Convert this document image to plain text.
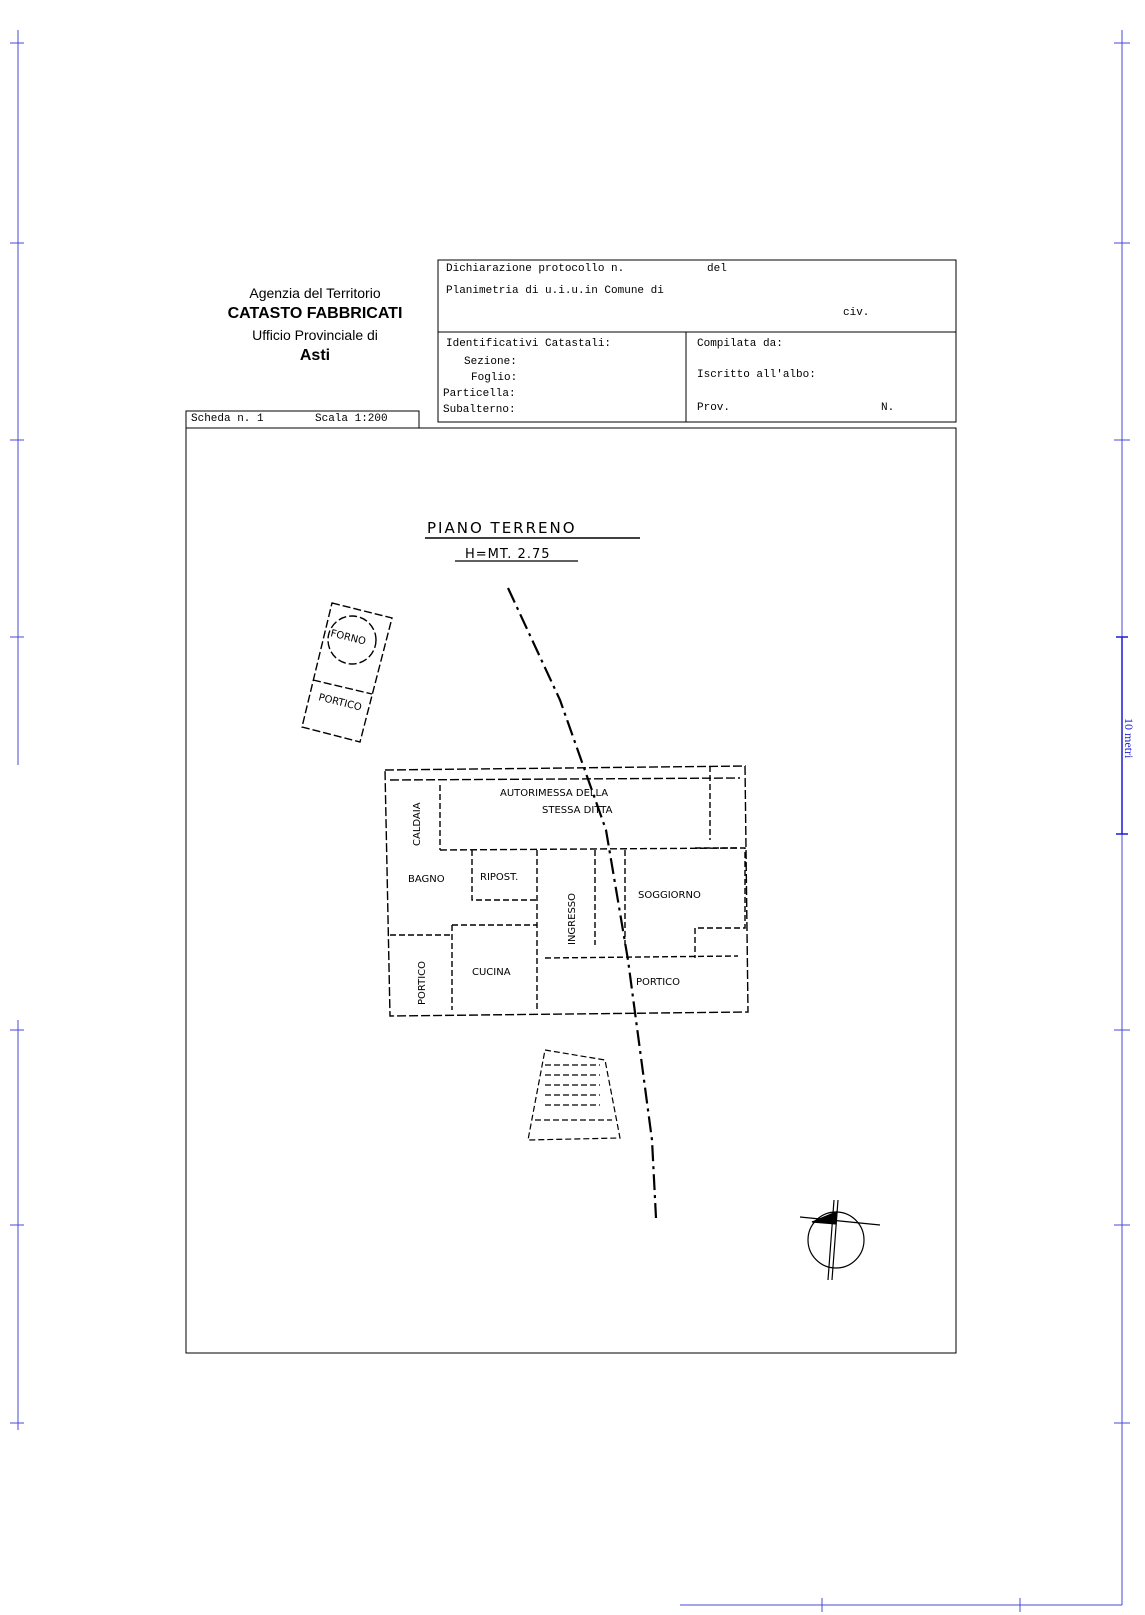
10 metri
Agenzia del Territorio
CATASTO FABBRICATI
Ufficio Provinciale di
Asti
Dichiarazione protocollo n.	del
Planimetria di u.i.u.in Comune di
civ.
Identificativi Catastali:
Sezione:
Foglio:
Particella:
Subalterno:
Compilata da:
Iscritto all'albo:
Prov.	N.
Scheda n. 1	Scala 1:200
PIANO TERRENO
H=MT. 2.75
FORNO
PORTICO
AUTORIMESSA DELLA
STESSA DITTA
CALDAIA
BAGNO	RIPOST.
INGRESSO	SOGGIORNO
PORTICO	CUCINA
PORTICO
